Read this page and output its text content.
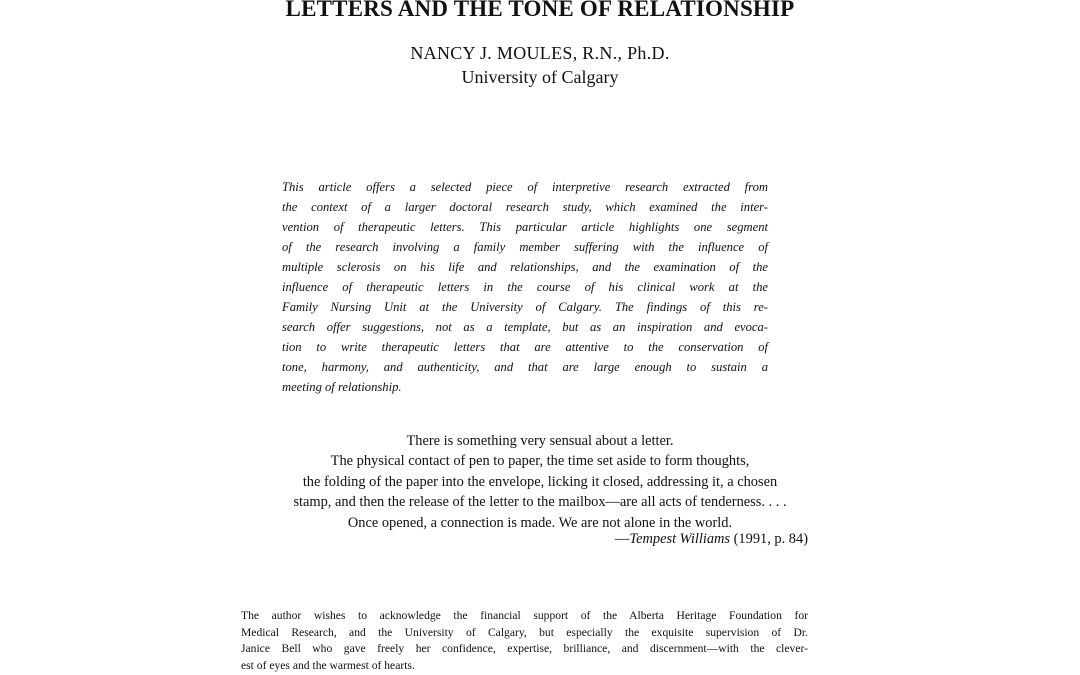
LETTERS AND THE TONE OF RELATIONSHIP
NANCY J. MOULES, R.N., Ph.D.
University of Calgary
This article offers a selected piece of interpretive research extracted from
the context of a larger doctoral research study, which examined the inter-
vention of therapeutic letters. This particular article highlights one segment
of the research involving a family member suffering with the influence of
multiple sclerosis on his life and relationships, and the examination of the
influence of therapeutic letters in the course of his clinical work at the
Family Nursing Unit at the University of Calgary. The findings of this re-
search offer suggestions, not as a template, but as an inspiration and evoca-
tion to write therapeutic letters that are attentive to the conservation of
tone, harmony, and authenticity, and that are large enough to sustain a
meeting of relationship.
There is something very sensual about a letter.
The physical contact of pen to paper, the time set aside to form thoughts,
the folding of the paper into the envelope, licking it closed, addressing it, a chosen
stamp, and then the release of the letter to the mailbox—are all acts of tenderness. . . .
Once opened, a connection is made. We are not alone in the world.
—Tempest Williams (1991, p. 84)
The author wishes to acknowledge the financial support of the Alberta Heritage Foundation for
Medical Research, and the University of Calgary, but especially the exquisite supervision of Dr.
Janice Bell who gave freely her confidence, expertise, brilliance, and discernment—with the clever-
est of eyes and the warmest of hearts.
